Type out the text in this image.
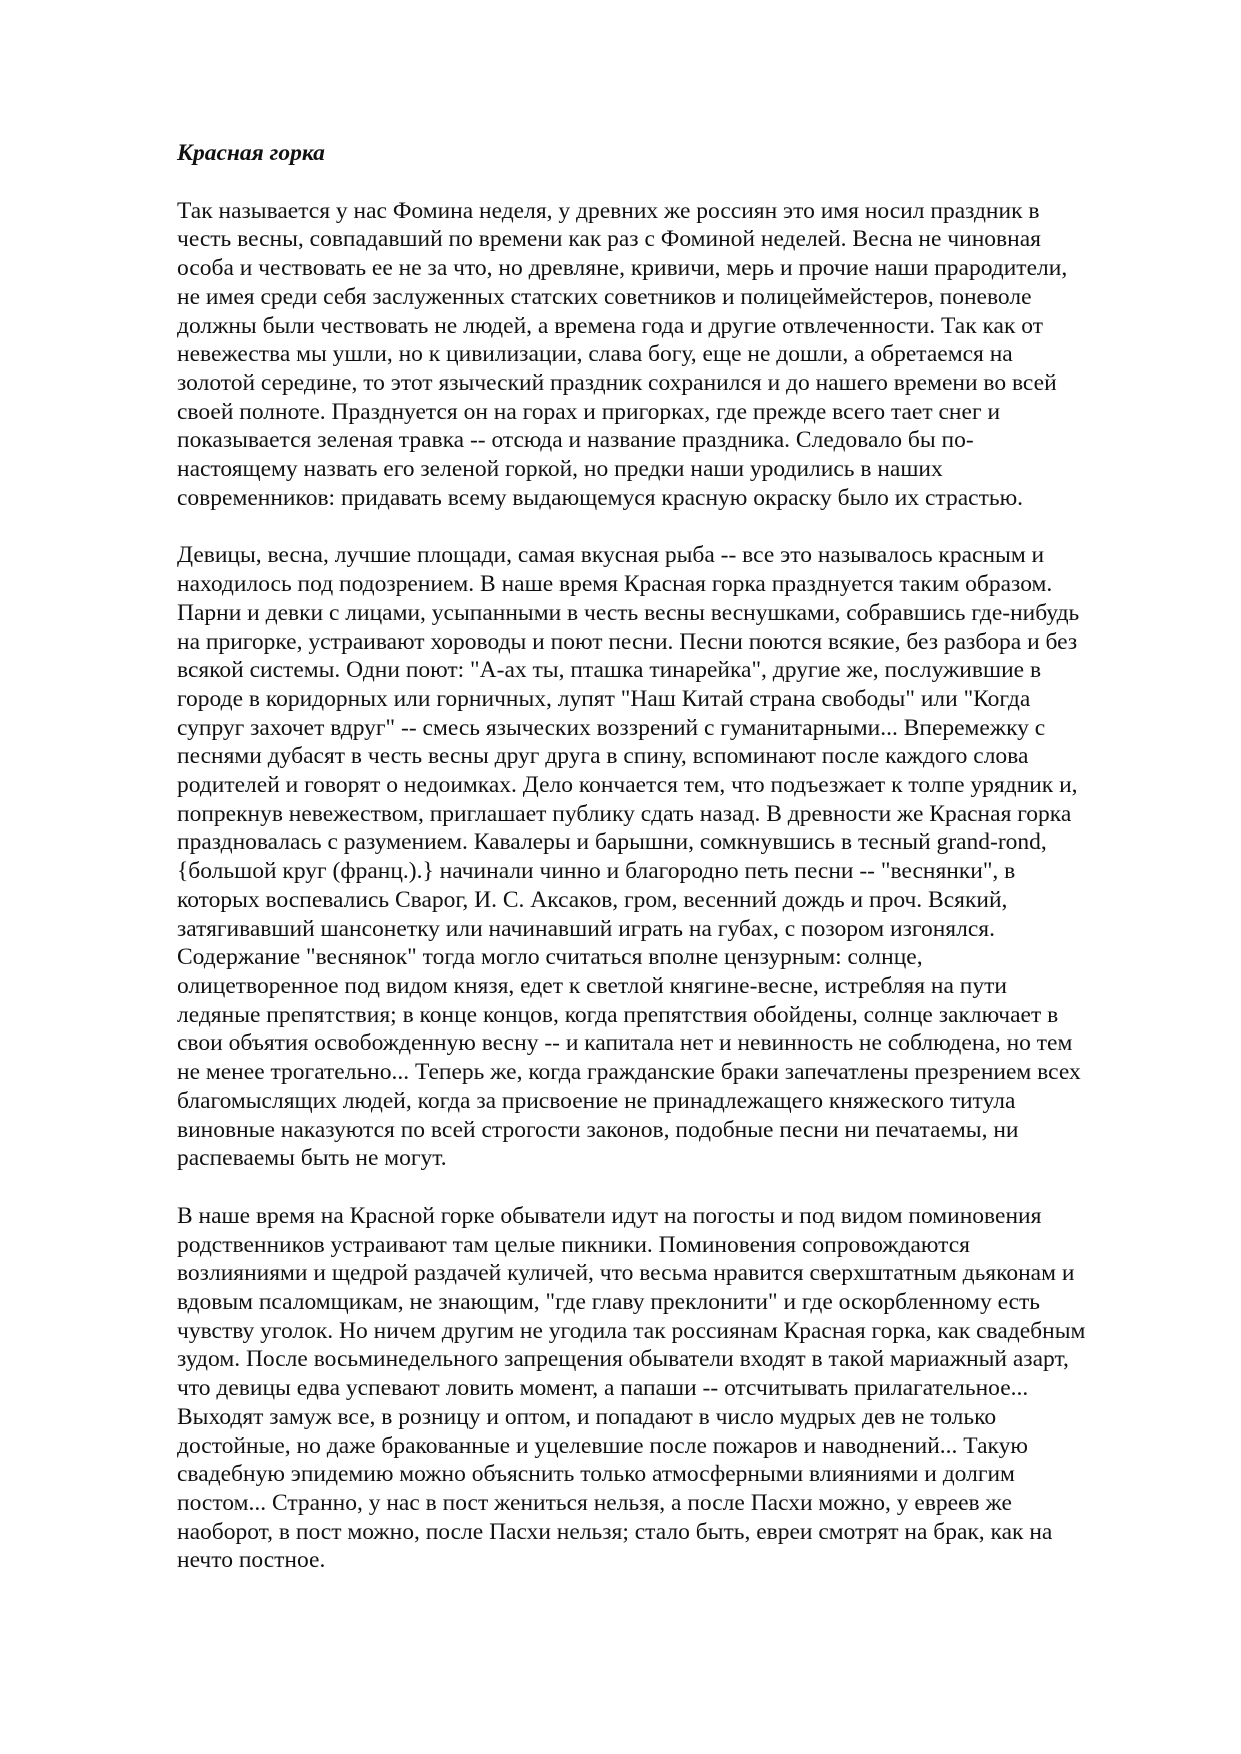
Красная горка
Так называется у нас Фомина неделя, у древних же россиян это имя носил праздник в
честь весны, совпадавший по времени как раз с Фоминой неделей. Весна не чиновная
особа и чествовать ее не за что, но древляне, кривичи, мерь и прочие наши прародители,
не имея среди себя заслуженных статских советников и полицеймейстеров, поневоле
должны были чествовать не людей, а времена года и другие отвлеченности. Так как от
невежества мы ушли, но к цивилизации, слава богу, еще не дошли, а обретаемся на
золотой середине, то этот языческий праздник сохранился и до нашего времени во всей
своей полноте. Празднуется он на горах и пригорках, где прежде всего тает снег и
показывается зеленая травка -- отсюда и название праздника. Следовало бы по-
настоящему назвать его зеленой горкой, но предки наши уродились в наших
современников: придавать всему выдающемуся красную окраску было их страстью.
Девицы, весна, лучшие площади, самая вкусная рыба -- все это называлось красным и
находилось под подозрением. В наше время Красная горка празднуется таким образом.
Парни и девки с лицами, усыпанными в честь весны веснушками, собравшись где-нибудь
на пригорке, устраивают хороводы и поют песни. Песни поются всякие, без разбора и без
всякой системы. Одни поют: "А-ах ты, пташка тинарейка", другие же, послужившие в
городе в коридорных или горничных, лупят "Наш Китай страна свободы" или "Когда
супруг захочет вдруг" -- смесь языческих воззрений с гуманитарными... Вперемежку с
песнями дубасят в честь весны друг друга в спину, вспоминают после каждого слова
родителей и говорят о недоимках. Дело кончается тем, что подъезжает к толпе урядник и,
попрекнув невежеством, приглашает публику сдать назад. В древности же Красная горка
праздновалась с разумением. Кавалеры и барышни, сомкнувшись в тесный grand-rond,
{большой круг (франц.).} начинали чинно и благородно петь песни -- "веснянки", в
которых воспевались Сварог, И. С. Аксаков, гром, весенний дождь и проч. Всякий,
затягивавший шансонетку или начинавший играть на губах, с позором изгонялся.
Содержание "веснянок" тогда могло считаться вполне цензурным: солнце,
олицетворенное под видом князя, едет к светлой княгине-весне, истребляя на пути
ледяные препятствия; в конце концов, когда препятствия обойдены, солнце заключает в
свои объятия освобожденную весну -- и капитала нет и невинность не соблюдена, но тем
не менее трогательно... Теперь же, когда гражданские браки запечатлены презрением всех
благомыслящих людей, когда за присвоение не принадлежащего княжеского титула
виновные наказуются по всей строгости законов, подобные песни ни печатаемы, ни
распеваемы быть не могут.
В наше время на Красной горке обыватели идут на погосты и под видом поминовения
родственников устраивают там целые пикники. Поминовения сопровождаются
возлияниями и щедрой раздачей куличей, что весьма нравится сверхштатным дьяконам и
вдовым псаломщикам, не знающим, "где главу преклонити" и где оскорбленному есть
чувству уголок. Но ничем другим не угодила так россиянам Красная горка, как свадебным
зудом. После восьминедельного запрещения обыватели входят в такой мариажный азарт,
что девицы едва успевают ловить момент, а папаши -- отсчитывать прилагательное...
Выходят замуж все, в розницу и оптом, и попадают в число мудрых дев не только
достойные, но даже бракованные и уцелевшие после пожаров и наводнений... Такую
свадебную эпидемию можно объяснить только атмосферными влияниями и долгим
постом... Странно, у нас в пост жениться нельзя, а после Пасхи можно, у евреев же
наоборот, в пост можно, после Пасхи нельзя; стало быть, евреи смотрят на брак, как на
нечто постное.
